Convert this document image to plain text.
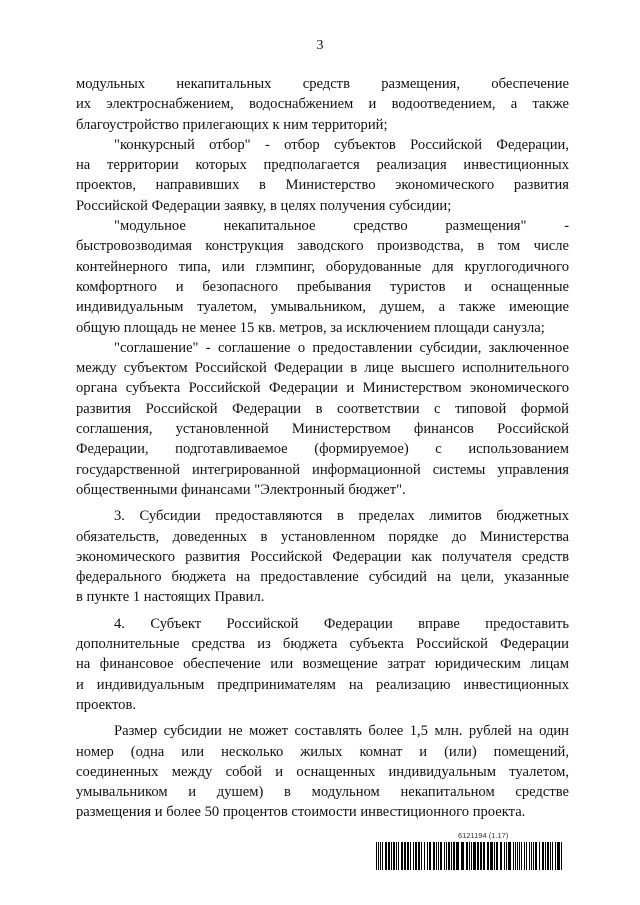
3
модульных некапитальных средств размещения, обеспечение
их электроснабжением, водоснабжением и водоотведением, а также
благоустройство прилегающих к ним территорий;
"конкурсный отбор" - отбор субъектов Российской Федерации,
на территории которых предполагается реализация инвестиционных
проектов, направивших в Министерство экономического развития
Российской Федерации заявку, в целях получения субсидии;
"модульное некапитальное средство размещения" -
быстровозводимая конструкция заводского производства, в том числе
контейнерного типа, или глэмпинг, оборудованные для круглогодичного
комфортного и безопасного пребывания туристов и оснащенные
индивидуальным туалетом, умывальником, душем, а также имеющие
общую площадь не менее 15 кв. метров, за исключением площади санузла;
"соглашение" - соглашение о предоставлении субсидии, заключенное
между субъектом Российской Федерации в лице высшего исполнительного
органа субъекта Российской Федерации и Министерством экономического
развития Российской Федерации в соответствии с типовой формой
соглашения, установленной Министерством финансов Российской
Федерации, подготавливаемое (формируемое) с использованием
государственной интегрированной информационной системы управления
общественными финансами "Электронный бюджет".
3. Субсидии предоставляются в пределах лимитов бюджетных
обязательств, доведенных в установленном порядке до Министерства
экономического развития Российской Федерации как получателя средств
федерального бюджета на предоставление субсидий на цели, указанные
в пункте 1 настоящих Правил.
4. Субъект Российской Федерации вправе предоставить
дополнительные средства из бюджета субъекта Российской Федерации
на финансовое обеспечение или возмещение затрат юридическим лицам
и индивидуальным предпринимателям на реализацию инвестиционных
проектов.
Размер субсидии не может составлять более 1,5 млн. рублей на один
номер (одна или несколько жилых комнат и (или) помещений,
соединенных между собой и оснащенных индивидуальным туалетом,
умывальником и душем) в модульном некапитальном средстве
размещения и более 50 процентов стоимости инвестиционного проекта.
6121194 (1.17)
